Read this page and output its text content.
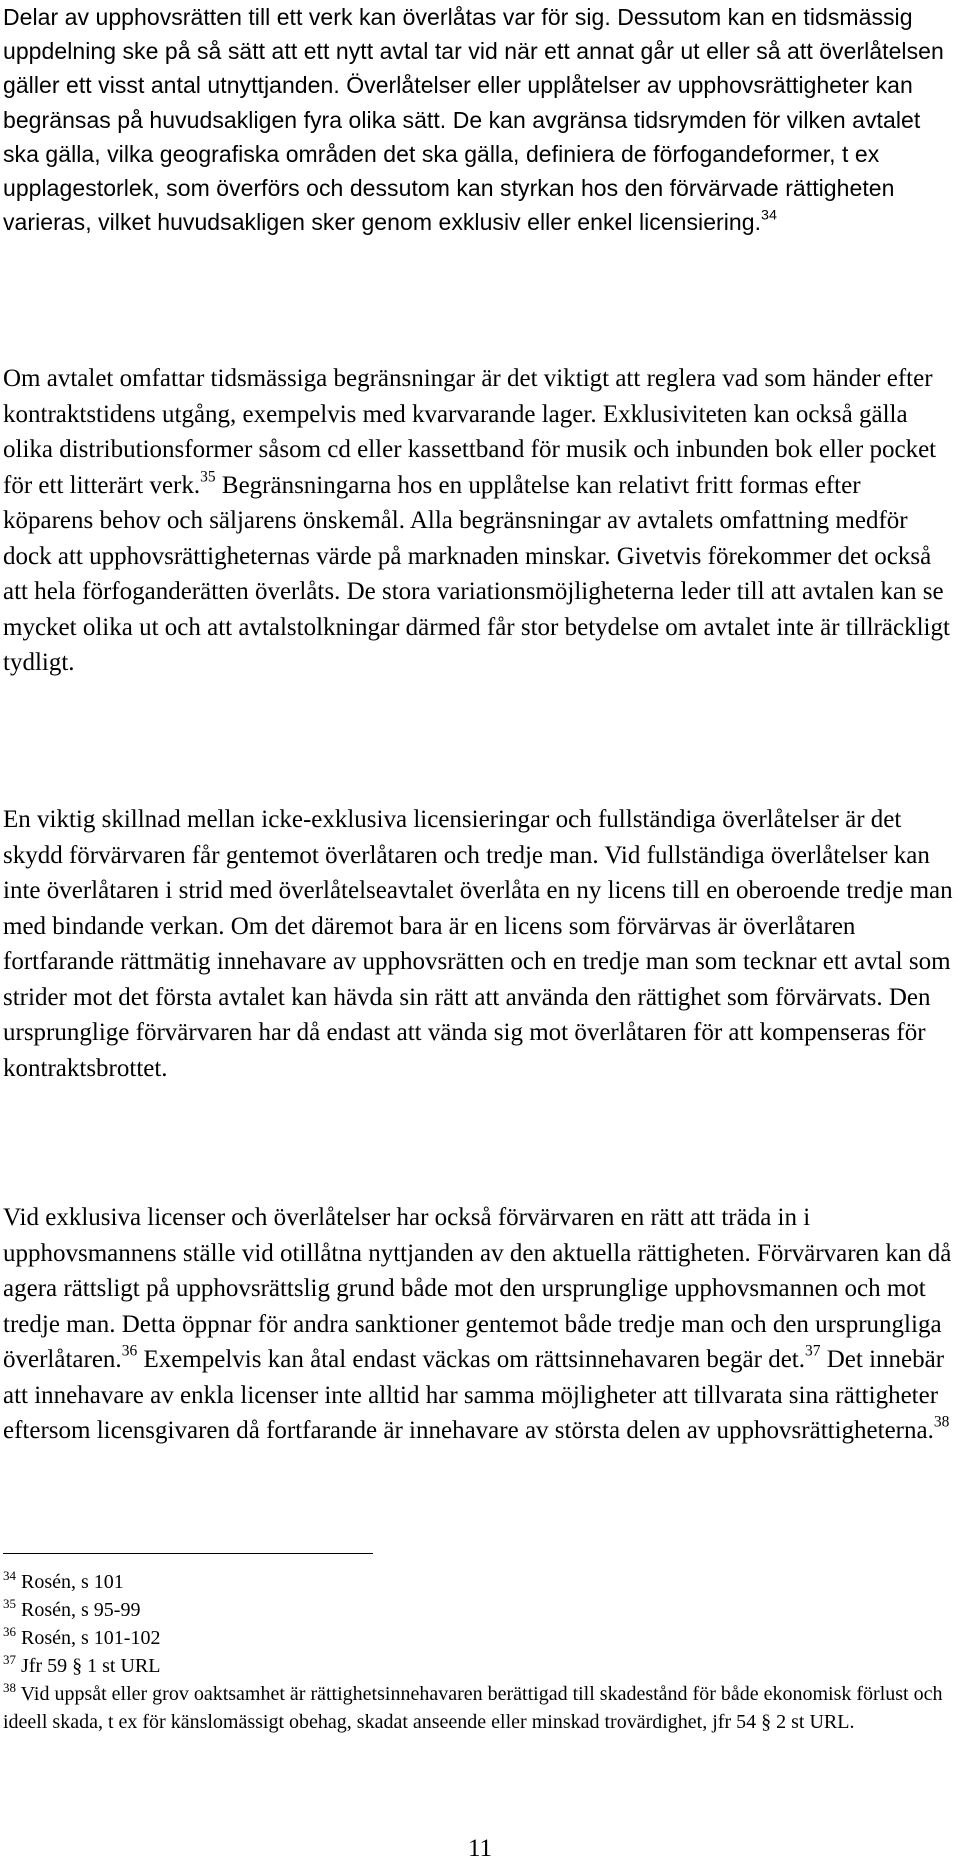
Delar av upphovsrätten till ett verk kan överlåtas var för sig. Dessutom kan en tidsmässig uppdelning ske på så sätt att ett nytt avtal tar vid när ett annat går ut eller så att överlåtelsen gäller ett visst antal utnyttjanden. Överlåtelser eller upplåtelser av upphovsrättigheter kan begränsas på huvudsakligen fyra olika sätt. De kan avgränsa tidsrymden för vilken avtalet ska gälla, vilka geografiska områden det ska gälla, definiera de förfogandeformer, t ex upplagestorlek, som överförs och dessutom kan styrkan hos den förvärvade rättigheten varieras, vilket huvudsakligen sker genom exklusiv eller enkel licensiering.$^{34}$

Om avtalet omfattar tidsmässiga begränsningar är det viktigt att reglera vad som händer efter kontraktstidens utgång, exempelvis med kvarvarande lager. Exklusiviteten kan också gälla olika distributionsformer såsom cd eller kassettband för musik och inbunden bok eller pocket för ett litterärt verk.$^{35}$ Begränsningarna hos en upplåtelse kan relativt fritt formas efter köparens behov och säljarens önskemål. Alla begränsningar av avtalets omfattning medför dock att upphovsrättigheternas värde på marknaden minskar. Givetvis förekommer det också att hela förfoganderätten överlåts. De stora variationsmöjligheterna leder till att avtalen kan se mycket olika ut och att avtalstolkningar därmed får stor betydelse om avtalet inte är tillräckligt tydligt.

En viktig skillnad mellan icke-exklusiva licensieringar och fullständiga överlåtelser är det skydd förvärvaren får gentemot överlåtaren och tredje man. Vid fullständiga överlåtelser kan inte överlåtaren i strid med överlåtelseavtalet överlåta en ny licens till en oberoende tredje man med bindande verkan. Om det däremot bara är en licens som förvärvas är överlåtaren fortfarande rättmätig innehavare av upphovsrätten och en tredje man som tecknar ett avtal som strider mot det första avtalet kan hävda sin rätt att använda den rättighet som förvärvats. Den ursprunglige förvärvaren har då endast att vända sig mot överlåtaren för att kompenseras för kontraktsbrottet.

Vid exklusiva licenser och överlåtelser har också förvärvaren en rätt att träda in i upphovsmannens ställe vid otillåtna nyttjanden av den aktuella rättigheten. Förvärvaren kan då agera rättsligt på upphovsrättslig grund både mot den ursprunglige upphovsmannen och mot tredje man. Detta öppnar för andra sanktioner gentemot både tredje man och den ursprungliga överlåtaren.$^{36}$ Exempelvis kan åtal endast väckas om rättsinnehavaren begär det.$^{37}$ Det innebär att innehavare av enkla licenser inte alltid har samma möjligheter att tillvarata sina rättigheter eftersom licensgivaren då fortfarande är innehavare av största delen av upphovsrättigheterna.$^{38}$

$^{34}$ Rosén, s 101
$^{35}$ Rosén, s 95-99
$^{36}$ Rosén, s 101-102
$^{37}$ Jfr 59 § 1 st URL
$^{38}$ Vid uppsåt eller grov oaktsamhet är rättighetsinnehavaren berättigad till skadestånd för både ekonomisk förlust och ideell skada, t ex för känslomässigt obehag, skadat anseende eller minskad trovärdighet, jfr 54 § 2 st URL.
11
